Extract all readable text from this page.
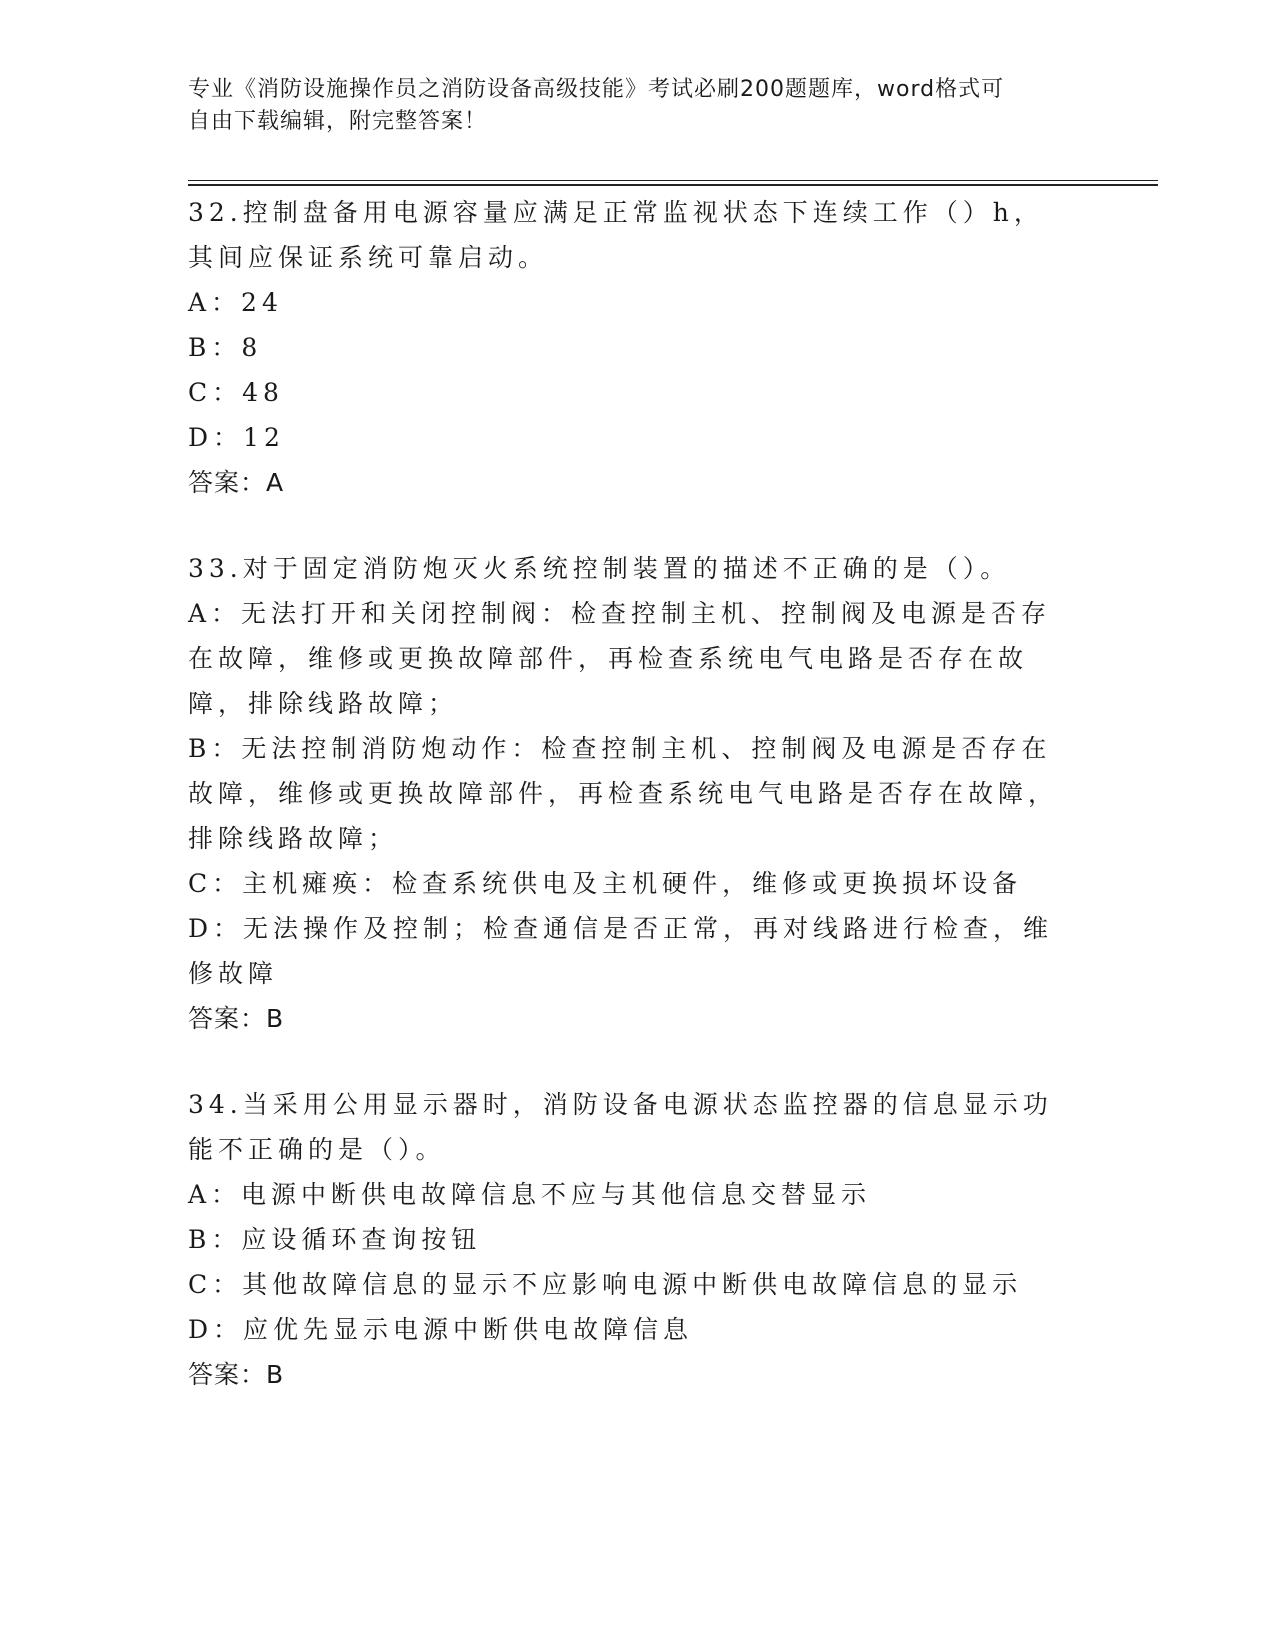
专业《消防设施操作员之消防设备高级技能》考试必刷200题题库，word格式可
自由下载编辑，附完整答案！

32.控制盘备用电源容量应满足正常监视状态下连续工作（）h，其间应保证系统可靠启动。

A：24

B：8

C：48

D：12

答案：A

33.对于固定消防炮灭火系统控制装置的描述不正确的是（）。

A：无法打开和关闭控制阀：检查控制主机、控制阀及电源是否存在故障，维修或更换故障部件，再检查系统电气电路是否存在故障，排除线路故障；

B：无法控制消防炮动作：检查控制主机、控制阀及电源是否存在故障，维修或更换故障部件，再检查系统电气电路是否存在故障，排除线路故障；

C：主机瘫痪：检查系统供电及主机硬件，维修或更换损坏设备

D：无法操作及控制；检查通信是否正常，再对线路进行检查，维修故障

答案：B

34.当采用公用显示器时，消防设备电源状态监控器的信息显示功能不正确的是（）。

A：电源中断供电故障信息不应与其他信息交替显示

B：应设循环查询按钮

C：其他故障信息的显示不应影响电源中断供电故障信息的显示

D：应优先显示电源中断供电故障信息

答案：B
